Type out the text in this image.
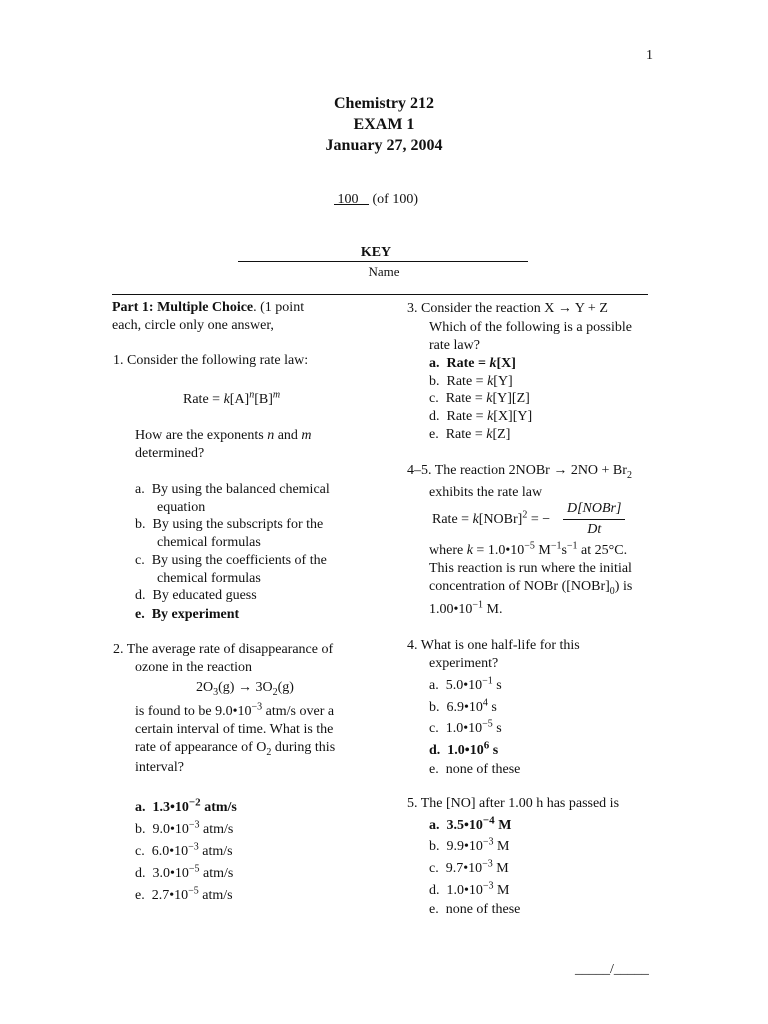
1
Chemistry 212
EXAM 1
January 27, 2004
100 (of 100)
KEY
Name
Part 1: Multiple Choice. (1 point
each, circle only one answer,
1. Consider the following rate law:
Rate = $k[A]^n[B]^m$
How are the exponents n and m
determined?
a. By using the balanced chemical
equation
b. By using the subscripts for the
chemical formulas
c. By using the coefficients of the
chemical formulas
d. By educated guess
e. By experiment
2. The average rate of disappearance of
ozone in the reaction
$2O_3(g) \to 3O_2(g)$
is found to be $9.0•10^{-3}$ atm/s over a
certain interval of time. What is the
rate of appearance of $O_2$ during this
interval?
a. $1.3•10^{-2}$ atm/s
b. $9.0•10^{-3}$ atm/s
c. $6.0•10^{-3}$ atm/s
d. $3.0•10^{-5}$ atm/s
e. $2.7•10^{-5}$ atm/s
3. Consider the reaction X → Y + Z
Which of the following is a possible
rate law?
a. Rate = k[X]
b. Rate = k[Y]
c. Rate = k[Y][Z]
d. Rate = k[X][Y]
e. Rate = k[Z]
4–5. The reaction 2NOBr → $2NO + Br_2$
exhibits the rate law
Rate = k[NOBr]$^2$ = −
D[NOBr]
Dt
where $k = 1.0•10^{-5}$ $M^{-1}s^{-1}$ at 25°C.
This reaction is run where the initial
concentration of NOBr $([NOBr]_0)$ is
$1.00•10^{-1}$ M.
4. What is one half-life for this
experiment?
a. $5.0•10^{-1}$ s
b. $6.9•10^4$ s
c. $1.0•10^{-5}$ s
d. $1.0•10^6$ s
e. none of these
5. The [NO] after 1.00 h has passed is
a. $3.5•10^{-4}$ M
b. $9.9•10^{-3}$ M
c. $9.7•10^{-3}$ M
d. $1.0•10^{-3}$ M
e. none of these
_____/_____
